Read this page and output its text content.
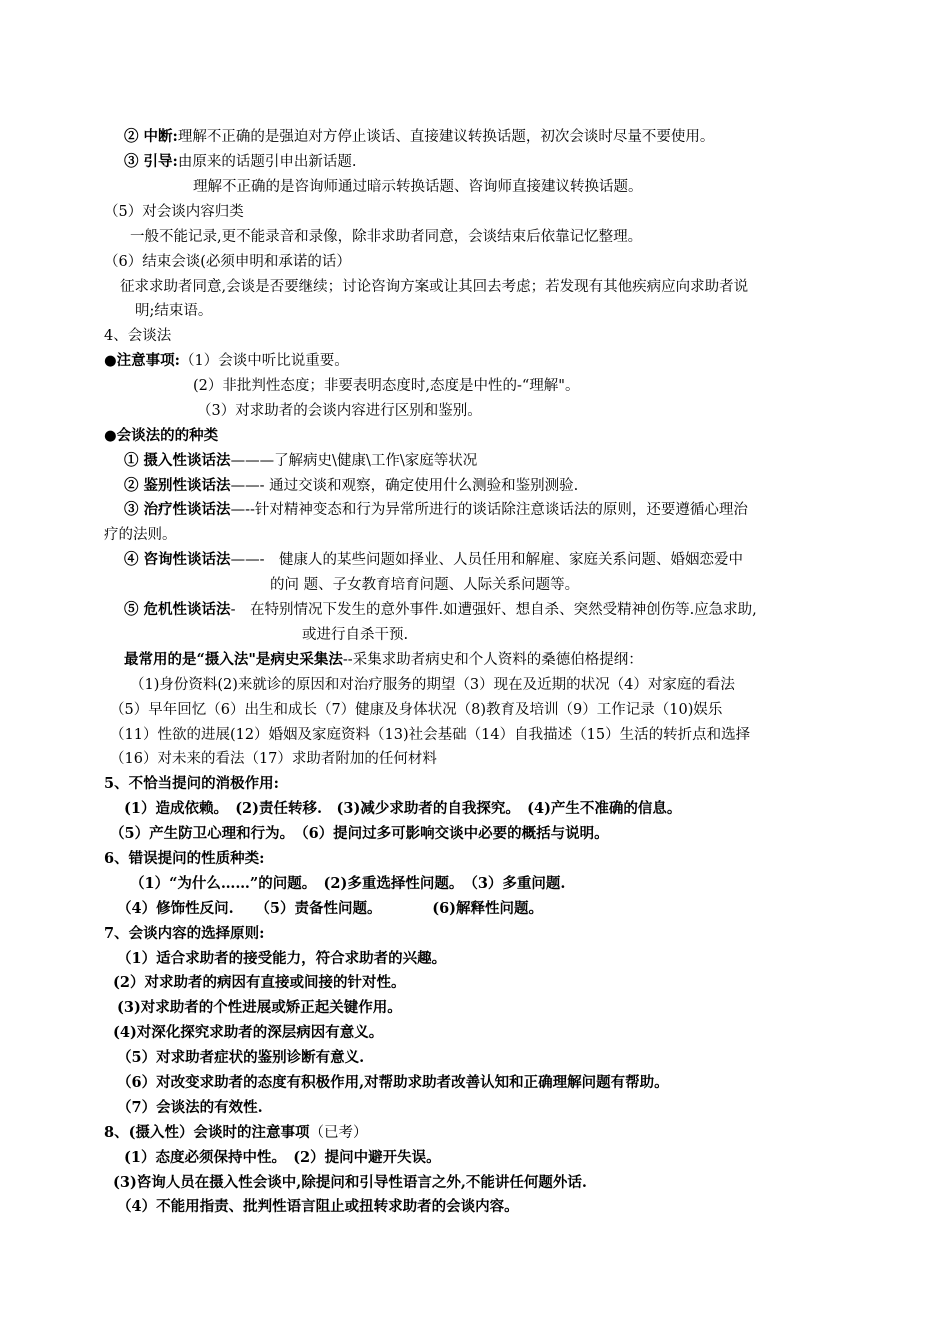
② 中断:理解不正确的是强迫对方停止谈话、直接建议转换话题，初次会谈时尽量不要使用。
③ 引导:由原来的话题引申出新话题.
理解不正确的是咨询师通过暗示转换话题、咨询师直接建议转换话题。
（5）对会谈内容归类
一般不能记录,更不能录音和录像，除非求助者同意，会谈结束后依靠记忆整理。
（6）结束会谈(必须申明和承诺的话）
征求求助者同意,会谈是否要继续；讨论咨询方案或让其回去考虑；若发现有其他疾病应向求助者说
明;结束语。
4、会谈法
●注意事项:（1）会谈中听比说重要。
(2）非批判性态度；非要表明态度时,态度是中性的-“理解"。
（3）对求助者的会谈内容进行区别和鉴别。
●会谈法的的种类
① 摄入性谈话法———了解病史\健康\工作\家庭等状况
② 鉴别性谈话法——- 通过交谈和观察，确定使用什么测验和鉴别测验.
③ 治疗性谈话法—--针对精神变态和行为异常所进行的谈话除注意谈话法的原则，还要遵循心理治
疗的法则。
④ 咨询性谈话法——-　健康人的某些问题如择业、人员任用和解雇、家庭关系问题、婚姻恋爱中
的问 题、子女教育培育问题、人际关系问题等。
⑤ 危机性谈话法-　在特别情况下发生的意外事件.如遭强奸、想自杀、突然受精神创伤等.应急求助,
或进行自杀干预.
最常用的是“摄入法"是病史采集法--采集求助者病史和个人资料的桑德伯格提纲：
（1)身份资料(2)来就诊的原因和对治疗服务的期望（3）现在及近期的状况（4）对家庭的看法
（5）早年回忆（6）出生和成长（7）健康及身体状况（8)教育及培训（9）工作记录（10)娱乐
（11）性欲的进展(12）婚姻及家庭资料（13)社会基础（14）自我描述（15）生活的转折点和选择
（16）对未来的看法（17）求助者附加的任何材料
5、不恰当提问的消极作用:
(1）造成依赖。　(2)责任转移.　(3)减少求助者的自我探究。　(4)产生不准确的信息。
（5）产生防卫心理和行为。　（6）提问过多可影响交谈中必要的概括与说明。
6、错误提问的性质种类:
（1）“为什么……”的问题。　(2)多重选择性问题。　（3）多重问题.
（4）修饰性反问.　　（5）责备性问题。　　　　(6)解释性问题。
7、会谈内容的选择原则:
（1）适合求助者的接受能力，符合求助者的兴趣。
(2）对求助者的病因有直接或间接的针对性。
(3)对求助者的个性进展或矫正起关键作用。
(4)对深化探究求助者的深层病因有意义。
（5）对求助者症状的鉴别诊断有意义.
（6）对改变求助者的态度有积极作用,对帮助求助者改善认知和正确理解问题有帮助。
（7）会谈法的有效性.
8、(摄入性）会谈时的注意事项（已考）
(1）态度必须保持中性。　(2）提问中避开失误。
(3)咨询人员在摄入性会谈中,除提问和引导性语言之外,不能讲任何题外话.
（4）不能用指责、批判性语言阻止或扭转求助者的会谈内容。
